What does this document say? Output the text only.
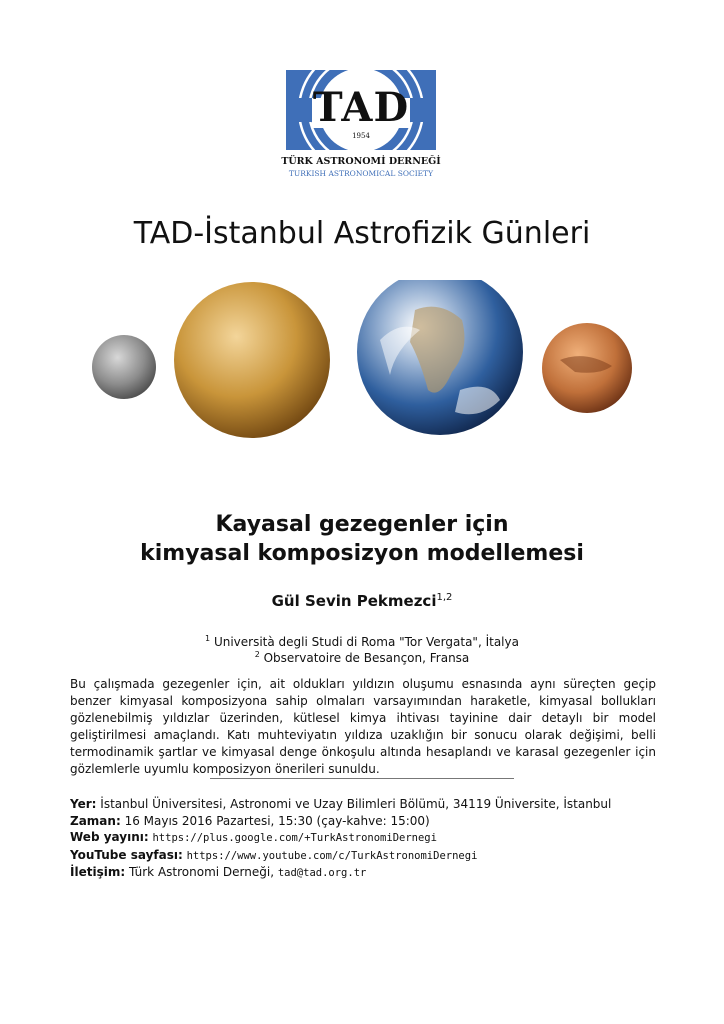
TAD
1954
TÜRK ASTRONOMİ DERNEĞİ
TURKISH ASTRONOMICAL SOCIETY
TAD-İstanbul Astrofizik Günleri
Kayasal gezegenler için
kimyasal komposizyon modellemesi
Gül Sevin Pekmezci$^{1,2}$
$^1$ Università degli Studi di Roma "Tor Vergata", İtalya
$^2$ Observatoire de Besançon, Fransa
Bu çalışmada gezegenler için, ait oldukları yıldızın oluşumu esnasında aynı süreçten geçip benzer kimyasal komposizyona sahip olmaları varsayımından haraketle, kimyasal bollukları gözlenebilmiş yıldızlar üzerinden, kütlesel kimya ihtivası tayinine dair detaylı bir model geliştirilmesi amaçlandı. Katı muhteviyatın yıldıza uzaklığın bir sonucu olarak değişimi, belli termodinamik şartlar ve kimyasal denge önkoşulu altında hesaplandı ve karasal gezegenler için gözlemlerle uyumlu komposizyon önerileri sunuldu.
Yer: İstanbul Üniversitesi, Astronomi ve Uzay Bilimleri Bölümü, 34119 Üniversite, İstanbul
Zaman: 16 Mayıs 2016 Pazartesi, 15:30 (çay-kahve: 15:00)
Web yayını: https://plus.google.com/+TurkAstronomiDernegi
YouTube sayfası: https://www.youtube.com/c/TurkAstronomiDernegi
İletişim: Türk Astronomi Derneği, tad@tad.org.tr
